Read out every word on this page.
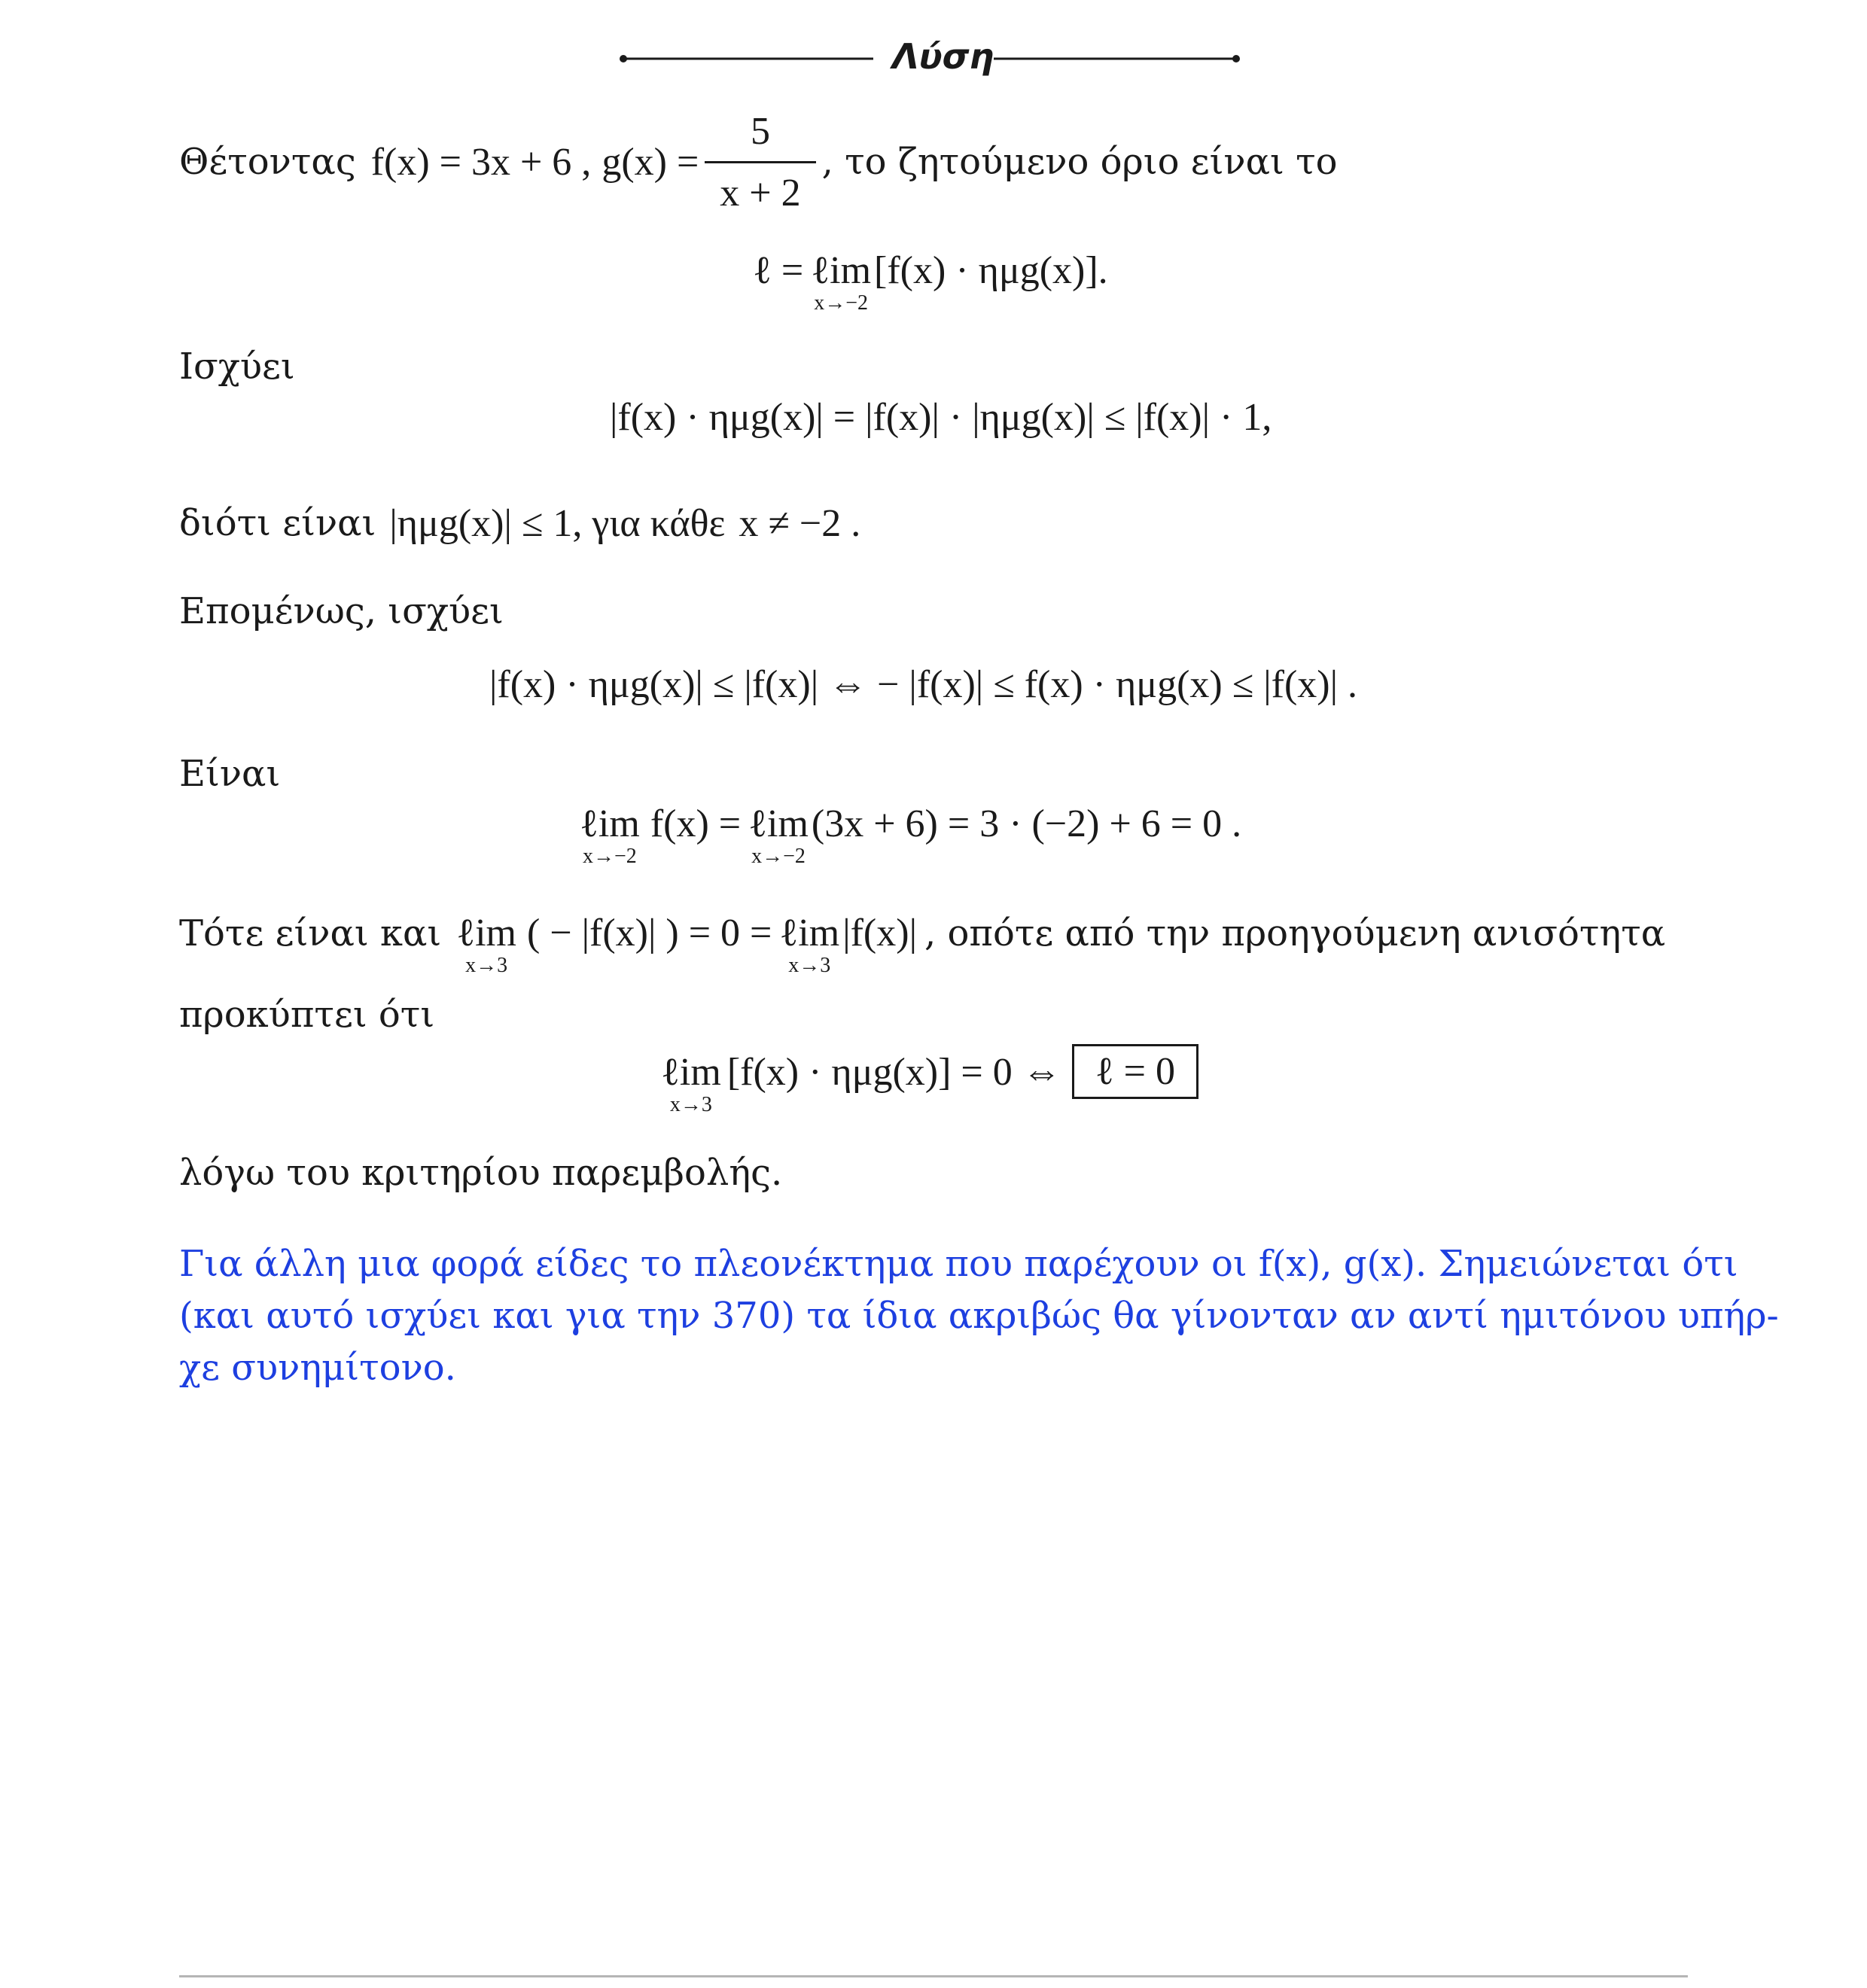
Λύση
Θέτοντας f(x) = 3x + 6 , $g(x) = \frac{5}{x + 2}$ , το ζητούμενο όριο είναι το
ℓ = ℓim
x→−2
[f(x) · ημg(x)].
Ισχύει
|f(x) · ημg(x)| = |f(x)| · |ημg(x)| ≤ |f(x)| · 1,
διότι είναι |ημg(x)| ≤ 1, για κάθε x ≠ −2 .
Επομένως, ισχύει
|f(x) · ημg(x)| ≤ |f(x)| ⇔ − |f(x)| ≤ f(x) · ημg(x) ≤ |f(x)| .
Είναι
ℓim
x→−2
f(x) = ℓim
x→−2
(3x + 6) = 3 · (−2) + 6 = 0 .
Τότε είναι και ℓim
x→3
( − |f(x)| ) = 0 = ℓim
x→3
|f(x)| , οπότε από την προηγούμενη ανισότητα
προκύπτει ότι
ℓim
x→3
[f(x) · ημg(x)] = 0 ⇔ ℓ = 0
λόγω του κριτηρίου παρεμβολής.
Για άλλη μια φορά είδες το πλεονέκτημα που παρέχουν οι f(x), g(x). Σημειώνεται ότι
(και αυτό ισχύει και για την 370) τα ίδια ακριβώς θα γίνονταν αν αντί ημιτόνου υπήρ-
χε συνημίτονο.
